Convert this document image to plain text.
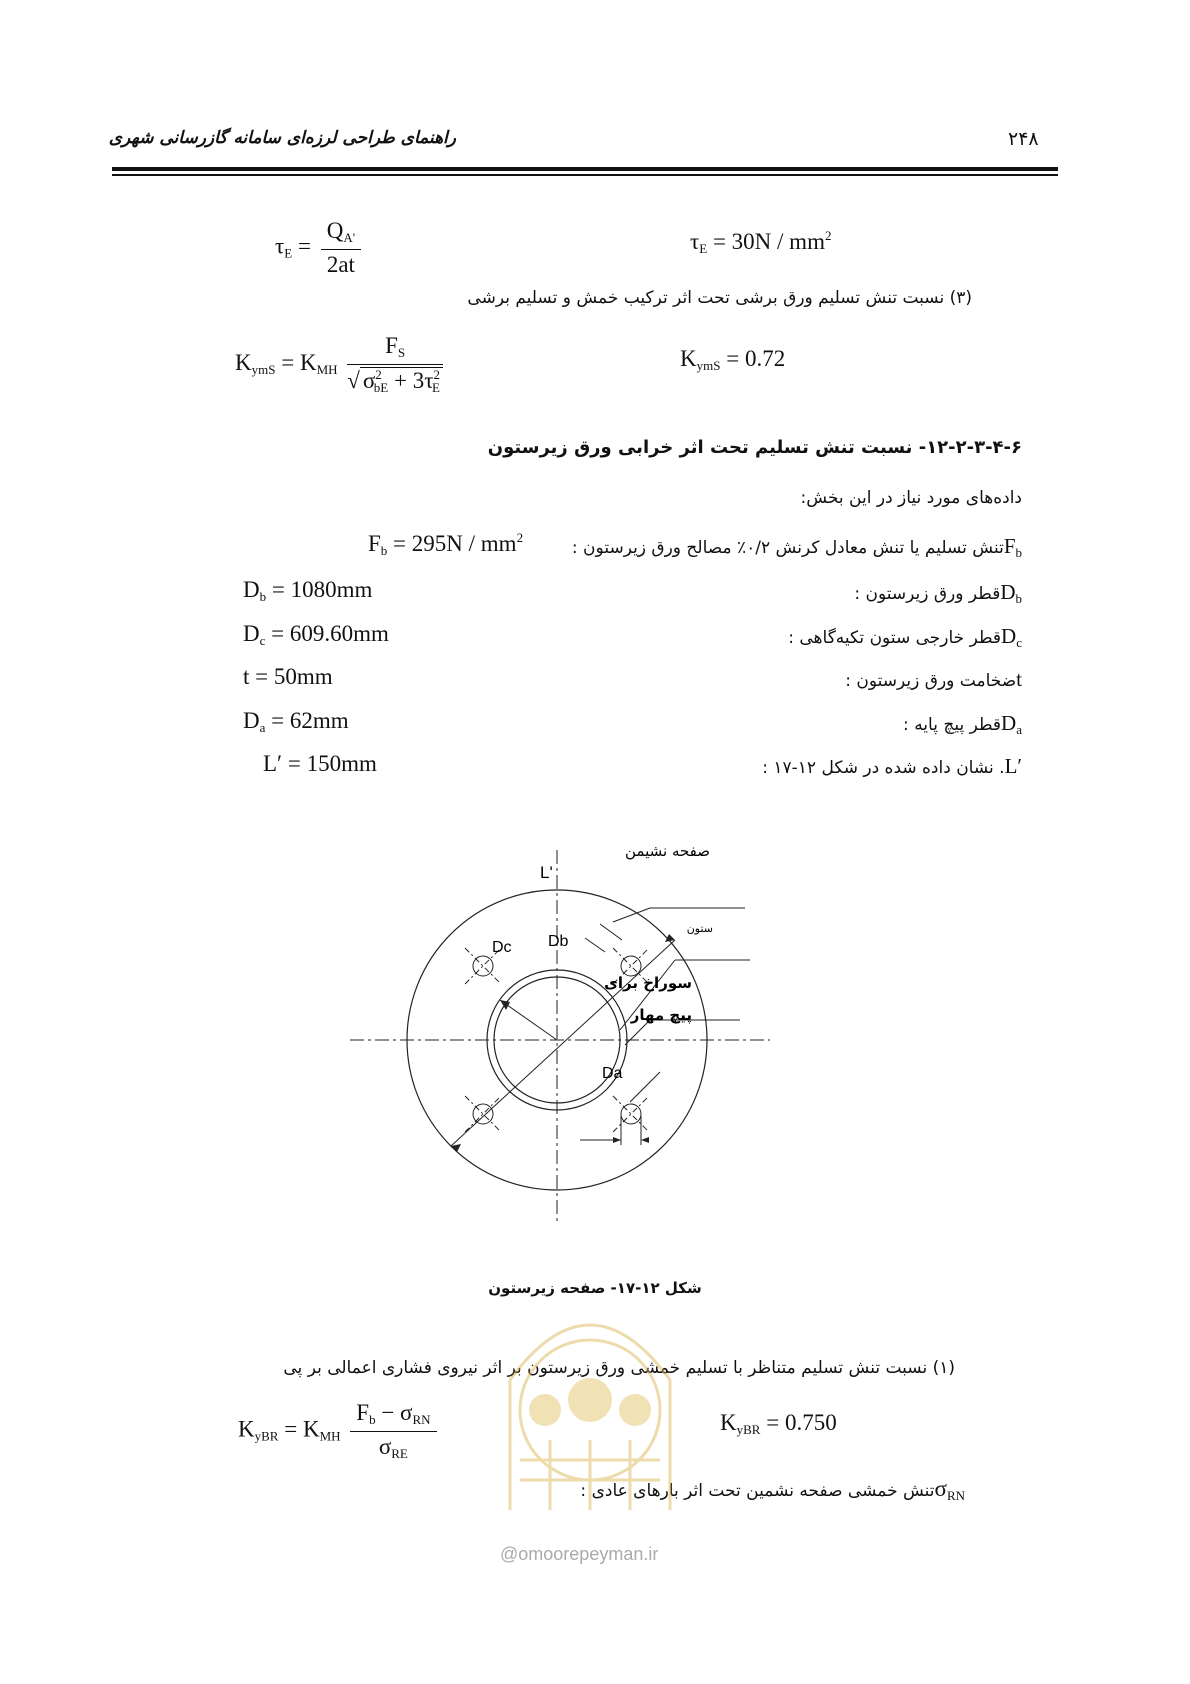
۲۴۸
راهنمای طراحی لرزه‌ای سامانه گازرسانی شهری
$\tau_E = \frac{Q_{A'}}{2at}$	$\tau_E = 30N / mm^2$
(۳) نسبت تنش تسلیم ورق برشی تحت اثر ترکیب خمش و تسلیم برشی
$K_{ymS} = K_{MH} \frac{F_S}{√ \sigma^2_{bE} + 3\tau^2_E}$	$K_{ymS} = 0.72$
۱۲-۲-۳-۴-۶- نسبت تنش تسلیم تحت اثر خرابی ورق زیرستون
داده‌های مورد نیاز در این بخش:
: تنش تسلیم یا تنش معادل کرنش ۰/۲٪ مصالح ورق زیرستونF$_b$
$F_b = 295N / mm^2$
: قطر ورق زیرستونD$_b$
$D_b = 1080mm$
: قطر خارجی ستون تکیه‌گاهیD$_c$
$D_c = 609.60mm$
: ضخامت ورق زیرستونt
t = 50mm
: قطر پیچ پایهD$_a$
$D_a = 62mm$
: نشان داده شده در شکل ۱۲-۱۷ .L′
L′ = 150mm
L'
Dc Db
Da
صفحه نشیمن
ستون
سوراخ برای
پیچ مهار
شکل ۱۲-۱۷- صفحه زیرستون
(۱) نسبت تنش تسلیم متناظر با تسلیم خمشی ورق زیرستون بر اثر نیروی فشاری اعمالی بر پی
$K_{yBR} = K_{MH} \frac{F_b - \sigma_{RN}}{\sigma_{RE}}$	$K_{yBR} = 0.750$
: تنش خمشی صفحه نشمین تحت اثر بارهای عادیσ$_{RN}$
@omoorepeyman.ir
